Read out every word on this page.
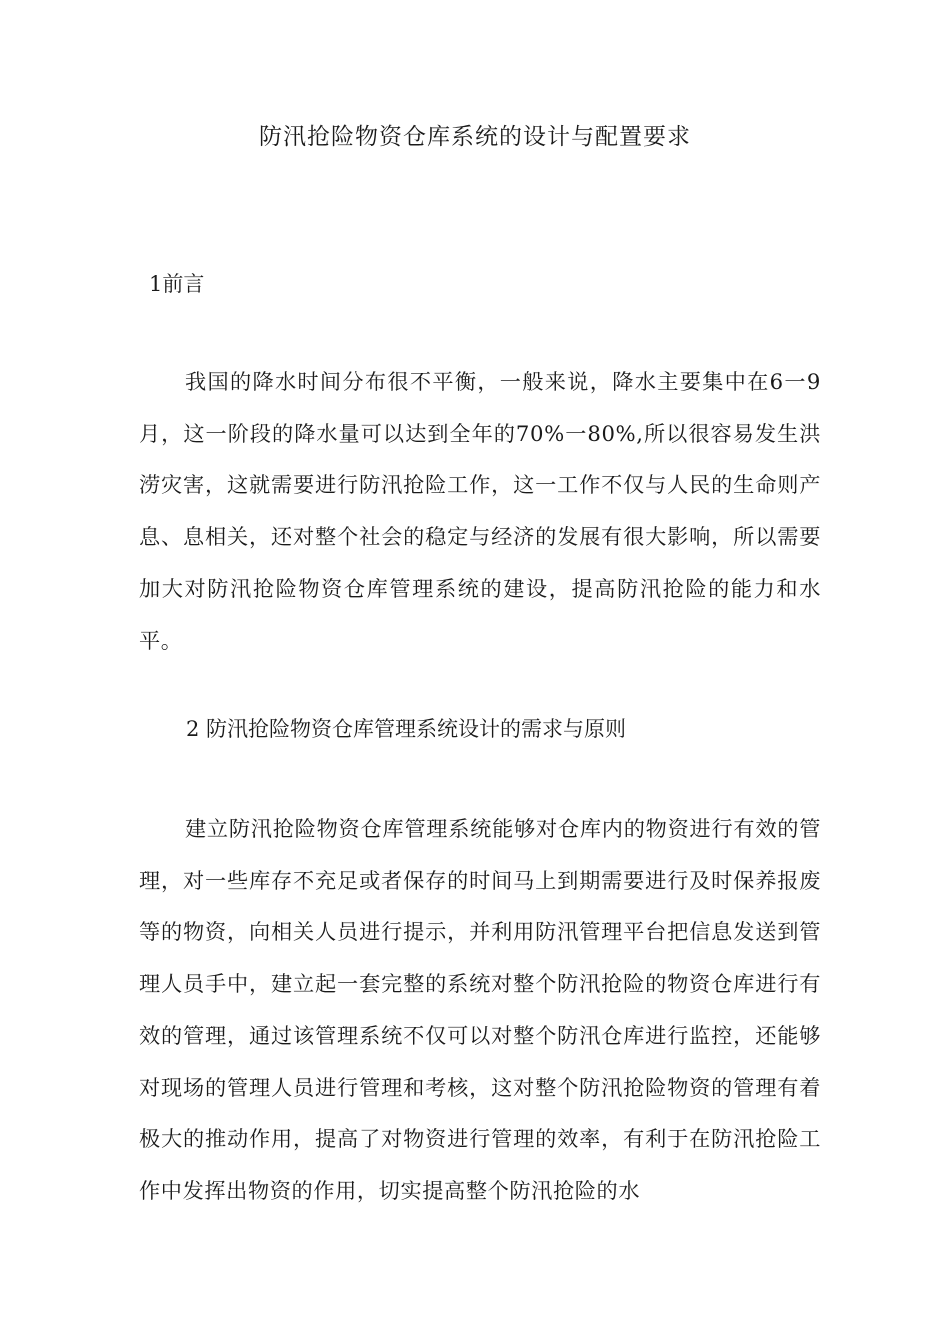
防汛抢险物资仓库系统的设计与配置要求
1前言

我国的降水时间分布很不平衡，一般来说，降水主要集中在6一9月，这一阶段的降水量可以达到全年的70%一80%,所以很容易发生洪涝灾害，这就需要进行防汛抢险工作，这一工作不仅与人民的生命则产息、息相关，还对整个社会的稳定与经济的发展有很大影响，所以需要加大对防汛抢险物资仓库管理系统的建设，提高防汛抢险的能力和水平。

2 防汛抢险物资仓库管理系统设计的需求与原则

建立防汛抢险物资仓库管理系统能够对仓库内的物资进行有效的管理，对一些库存不充足或者保存的时间马上到期需要进行及时保养报废等的物资，向相关人员进行提示，并利用防汛管理平台把信息发送到管理人员手中，建立起一套完整的系统对整个防汛抢险的物资仓库进行有效的管理，通过该管理系统不仅可以对整个防汛仓库进行监控，还能够对现场的管理人员进行管理和考核，这对整个防汛抢险物资的管理有着极大的推动作用，提高了对物资进行管理的效率，有利于在防汛抢险工作中发挥出物资的作用，切实提高整个防汛抢险的水
